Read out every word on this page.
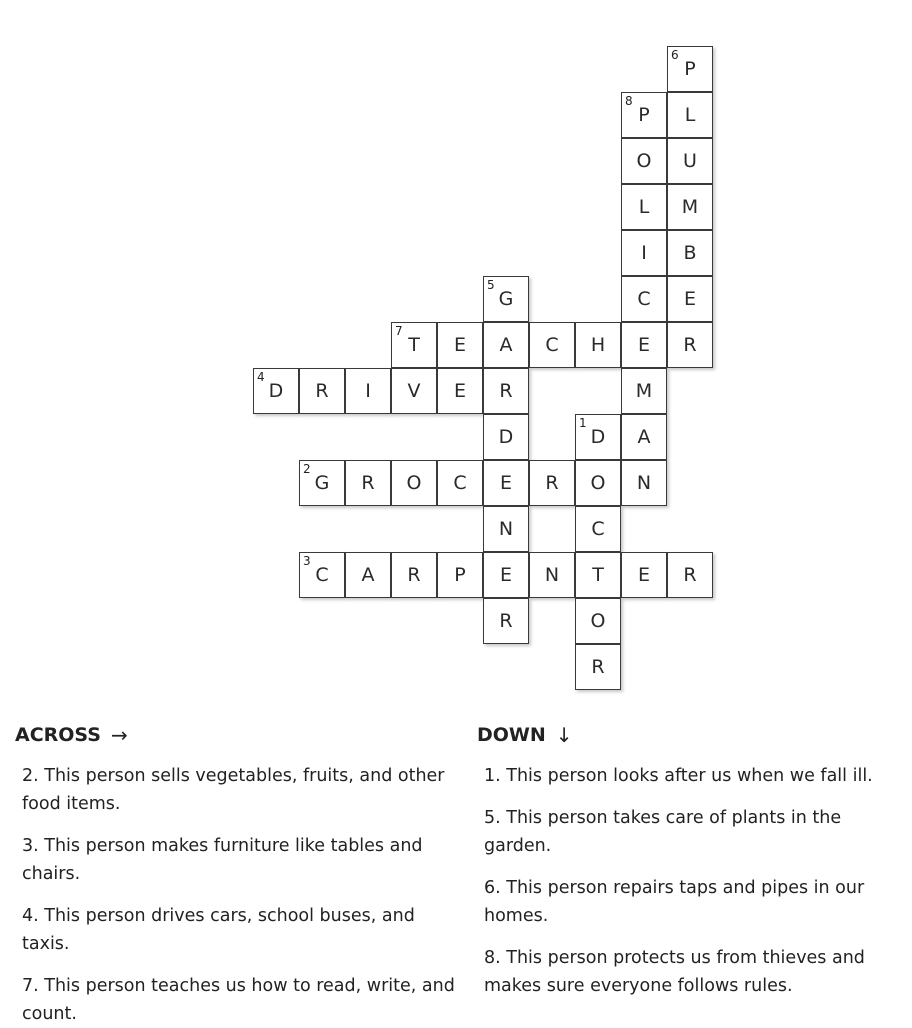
6
P
8
P	L
O	U
L	M
I	B
5
G	C	E
7
T	E	A	C	H	E	R
4
D	R	I	V	E	R	M
D
1
D	A
2
G	R	O	C	E	R	O	N
N	C
3
C	A	R	P	E	N	T	E	R
R	O
R
ACROSS →
2. This person sells vegetables, fruits, and other food items.
3. This person makes furniture like tables and chairs.
4. This person drives cars, school buses, and taxis.
7. This person teaches us how to read, write, and count.
DOWN ↓
1. This person looks after us when we fall ill.
5. This person takes care of plants in the garden.
6. This person repairs taps and pipes in our homes.
8. This person protects us from thieves and makes sure everyone follows rules.
